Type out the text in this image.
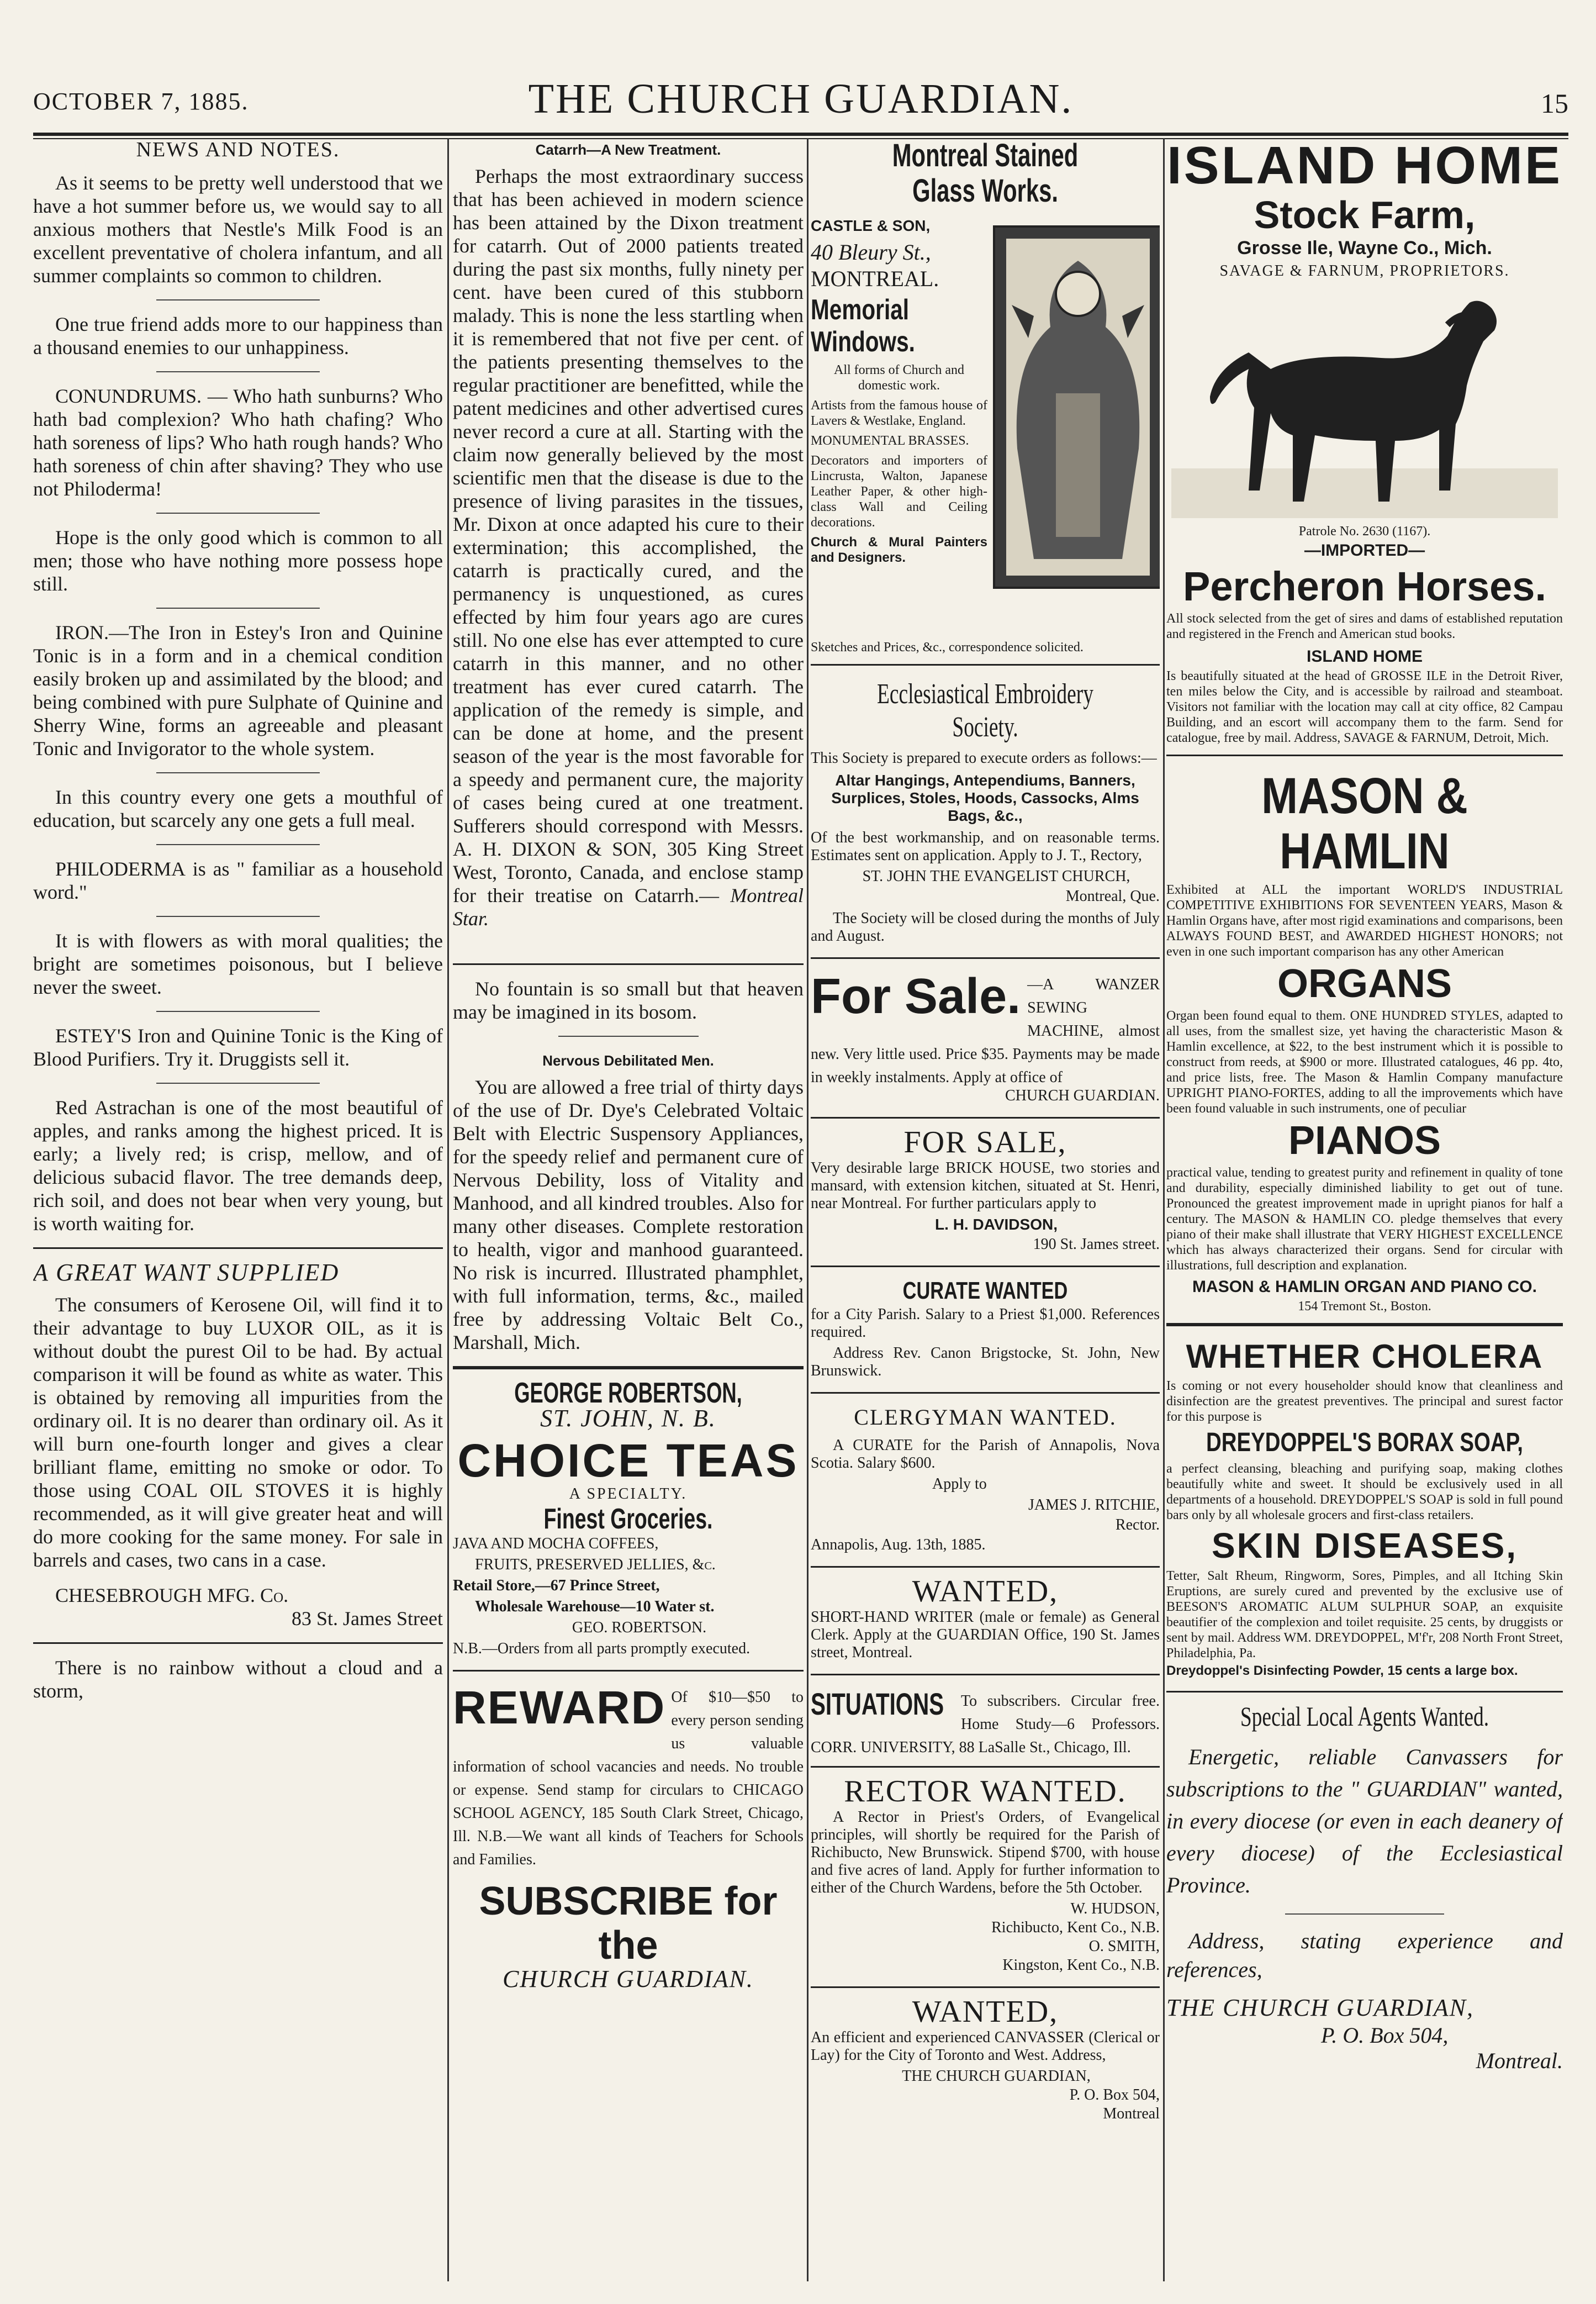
OCTOBER 7, 1885.	THE CHURCH GUARDIAN.	15
NEWS AND NOTES.

As it seems to be pretty well understood that we have a hot summer before us, we would say to all anxious mothers that Nestle's Milk Food is an excellent preventative of cholera infantum, and all summer complaints so common to children.

One true friend adds more to our happiness than a thousand enemies to our unhappiness.

CONUNDRUMS. — Who hath sunburns? Who hath bad complexion? Who hath chafing? Who hath soreness of lips? Who hath rough hands? Who hath soreness of chin after shaving? They who use not Philoderma!

Hope is the only good which is common to all men; those who have nothing more possess hope still.

IRON.—The Iron in Estey's Iron and Quinine Tonic is in a form and in a chemical condition easily broken up and assimilated by the blood; and being combined with pure Sulphate of Quinine and Sherry Wine, forms an agreeable and pleasant Tonic and Invigorator to the whole system.

In this country every one gets a mouthful of education, but scarcely any one gets a full meal.

PHILODERMA is as " familiar as a household word."

It is with flowers as with moral qualities; the bright are sometimes poisonous, but I believe never the sweet.

ESTEY'S Iron and Quinine Tonic is the King of Blood Purifiers. Try it. Druggists sell it.

Red Astrachan is one of the most beautiful of apples, and ranks among the highest priced. It is early; a lively red; is crisp, mellow, and of delicious subacid flavor. The tree demands deep, rich soil, and does not bear when very young, but is worth waiting for.

A GREAT WANT SUPPLIED

The consumers of Kerosene Oil, will find it to their advantage to buy LUXOR OIL, as it is without doubt the purest Oil to be had. By actual comparison it will be found as white as water. This is obtained by removing all impurities from the ordinary oil. It is no dearer than ordinary oil. As it will burn one-fourth longer and gives a clear brilliant flame, emitting no smoke or odor. To those using COAL OIL STOVES it is highly recommended, as it will give greater heat and will do more cooking for the same money. For sale in barrels and cases, two cans in a case.

CHESEBROUGH MFG. Co.

83 St. James Street

There is no rainbow without a cloud and a storm,

Catarrh—A New Treatment.

Perhaps the most extraordinary success that has been achieved in modern science has been attained by the Dixon treatment for catarrh. Out of 2000 patients treated during the past six months, fully ninety per cent. have been cured of this stubborn malady. This is none the less startling when it is remembered that not five per cent. of the patients presenting themselves to the regular practitioner are benefitted, while the patent medicines and other advertised cures never record a cure at all. Starting with the claim now generally believed by the most scientific men that the disease is due to the presence of living parasites in the tissues, Mr. Dixon at once adapted his cure to their extermination; this accomplished, the catarrh is practically cured, and the permanency is unquestioned, as cures effected by him four years ago are cures still. No one else has ever attempted to cure catarrh in this manner, and no other treatment has ever cured catarrh. The application of the remedy is simple, and can be done at home, and the present season of the year is the most favorable for a speedy and permanent cure, the majority of cases being cured at one treatment. Sufferers should correspond with Messrs. A. H. DIXON & SON, 305 King Street West, Toronto, Canada, and enclose stamp for their treatise on Catarrh.— Montreal Star.

No fountain is so small but that heaven may be imagined in its bosom.

Nervous Debilitated Men.

You are allowed a free trial of thirty days of the use of Dr. Dye's Celebrated Voltaic Belt with Electric Suspensory Appliances, for the speedy relief and permanent cure of Nervous Debility, loss of Vitality and Manhood, and all kindred troubles. Also for many other diseases. Complete restoration to health, vigor and manhood guaranteed. No risk is incurred. Illustrated phamphlet, with full information, terms, &c., mailed free by addressing Voltaic Belt Co., Marshall, Mich.

GEORGE ROBERTSON,
ST. JOHN, N. B.
CHOICE TEAS
A SPECIALTY.
Finest Groceries.

JAVA AND MOCHA COFFEES,

FRUITS, PRESERVED JELLIES, &c.

Retail Store,—67 Prince Street,

Wholesale Warehouse—10 Water st.

GEO. ROBERTSON.

N.B.—Orders from all parts promptly executed.

REWARD Of $10—$50 to every person sending us valuable information of school vacancies and needs. No trouble or expense. Send stamp for circulars to CHICAGO SCHOOL AGENCY, 185 South Clark Street, Chicago, Ill. N.B.—We want all kinds of Teachers for Schools and Families.
SUBSCRIBE for the
CHURCH GUARDIAN.
Montreal Stained Glass Works.
CASTLE & SON,
40 Bleury St.,
MONTREAL.
Memorial Windows.
All forms of Church and domestic work.
Artists from the famous house of Lavers & Westlake, England.
MONUMENTAL BRASSES.
Decorators and importers of Lincrusta, Walton, Japanese Leather Paper, & other high-class Wall and Ceiling decorations.
Church & Mural Painters and Designers.
Sketches and Prices, &c., correspondence solicited.
Ecclesiastical Embroidery Society.

This Society is prepared to execute orders as follows:—

Altar Hangings, Antependiums, Banners, Surplices, Stoles, Hoods, Cassocks, Alms Bags, &c.,

Of the best workmanship, and on reasonable terms. Estimates sent on application. Apply to J. T., Rectory,

ST. JOHN THE EVANGELIST CHURCH,

Montreal, Que.

The Society will be closed during the months of July and August.

For Sale. —A WANZER SEWING MACHINE, almost new. Very little used. Price $35. Payments may be made in weekly instalments. Apply at office of

CHURCH GUARDIAN.

FOR SALE,

Very desirable large BRICK HOUSE, two stories and mansard, with extension kitchen, situated at St. Henri, near Montreal. For further particulars apply to

L. H. DAVIDSON,

190 St. James street.

CURATE WANTED

for a City Parish. Salary to a Priest $1,000. References required.

Address Rev. Canon Brigstocke, St. John, New Brunswick.

CLERGYMAN WANTED.

A CURATE for the Parish of Annapolis, Nova Scotia. Salary $600.

Apply to

JAMES J. RITCHIE,

Rector.

Annapolis, Aug. 13th, 1885.

WANTED,

SHORT-HAND WRITER (male or female) as General Clerk. Apply at the GUARDIAN Office, 190 St. James street, Montreal.

SITUATIONS To subscribers. Circular free. Home Study—6 Professors. CORR. UNIVERSITY, 88 LaSalle St., Chicago, Ill.
RECTOR WANTED.

A Rector in Priest's Orders, of Evangelical principles, will shortly be required for the Parish of Richibucto, New Brunswick. Stipend $700, with house and five acres of land. Apply for further information to either of the Church Wardens, before the 5th October.

W. HUDSON,

Richibucto, Kent Co., N.B.

O. SMITH,

Kingston, Kent Co., N.B.

WANTED,

An efficient and experienced CANVASSER (Clerical or Lay) for the City of Toronto and West. Address,

THE CHURCH GUARDIAN,

P. O. Box 504,

Montreal

ISLAND HOME
Stock Farm,
Grosse Ile, Wayne Co., Mich.
SAVAGE & FARNUM, PROPRIETORS.
Patrole No. 2630 (1167).
—IMPORTED—
Percheron Horses.

All stock selected from the get of sires and dams of established reputation and registered in the French and American stud books.

ISLAND HOME

Is beautifully situated at the head of GROSSE ILE in the Detroit River, ten miles below the City, and is accessible by railroad and steamboat. Visitors not familiar with the location may call at city office, 82 Campau Building, and an escort will accompany them to the farm. Send for catalogue, free by mail. Address, SAVAGE & FARNUM, Detroit, Mich.

MASON & HAMLIN

Exhibited at ALL the important WORLD'S INDUSTRIAL COMPETITIVE EXHIBITIONS FOR SEVENTEEN YEARS, Mason & Hamlin Organs have, after most rigid examinations and comparisons, been ALWAYS FOUND BEST, and AWARDED HIGHEST HONORS; not even in one such important comparison has any other American

ORGANS

Organ been found equal to them. ONE HUNDRED STYLES, adapted to all uses, from the smallest size, yet having the characteristic Mason & Hamlin excellence, at $22, to the best instrument which it is possible to construct from reeds, at $900 or more. Illustrated catalogues, 46 pp. 4to, and price lists, free. The Mason & Hamlin Company manufacture UPRIGHT PIANO-FORTES, adding to all the improvements which have been found valuable in such instruments, one of peculiar

PIANOS

practical value, tending to greatest purity and refinement in quality of tone and durability, especially diminished liability to get out of tune. Pronounced the greatest improvement made in upright pianos for half a century. The MASON & HAMLIN CO. pledge themselves that every piano of their make shall illustrate that VERY HIGHEST EXCELLENCE which has always characterized their organs. Send for circular with illustrations, full description and explanation.

MASON & HAMLIN ORGAN AND PIANO CO.
154 Tremont St., Boston.
WHETHER CHOLERA

Is coming or not every householder should know that cleanliness and disinfection are the greatest preventives. The principal and surest factor for this purpose is

DREYDOPPEL'S BORAX SOAP,

a perfect cleansing, bleaching and purifying soap, making clothes beautifully white and sweet. It should be exclusively used in all departments of a household. DREYDOPPEL'S SOAP is sold in full pound bars only by all wholesale grocers and first-class retailers.

SKIN DISEASES,

Tetter, Salt Rheum, Ringworm, Sores, Pimples, and all Itching Skin Eruptions, are surely cured and prevented by the exclusive use of BEESON'S AROMATIC ALUM SULPHUR SOAP, an exquisite beautifier of the complexion and toilet requisite. 25 cents, by druggists or sent by mail. Address WM. DREYDOPPEL, M'f'r, 208 North Front Street, Philadelphia, Pa.

Dreydoppel's Disinfecting Powder, 15 cents a large box.

Special Local Agents Wanted.

Energetic, reliable Canvassers for subscriptions to the " GUARDIAN" wanted, in every diocese (or even in each deanery of every diocese) of the Ecclesiastical Province.

Address, stating experience and references,

THE CHURCH GUARDIAN,

P. O. Box 504,

Montreal.
